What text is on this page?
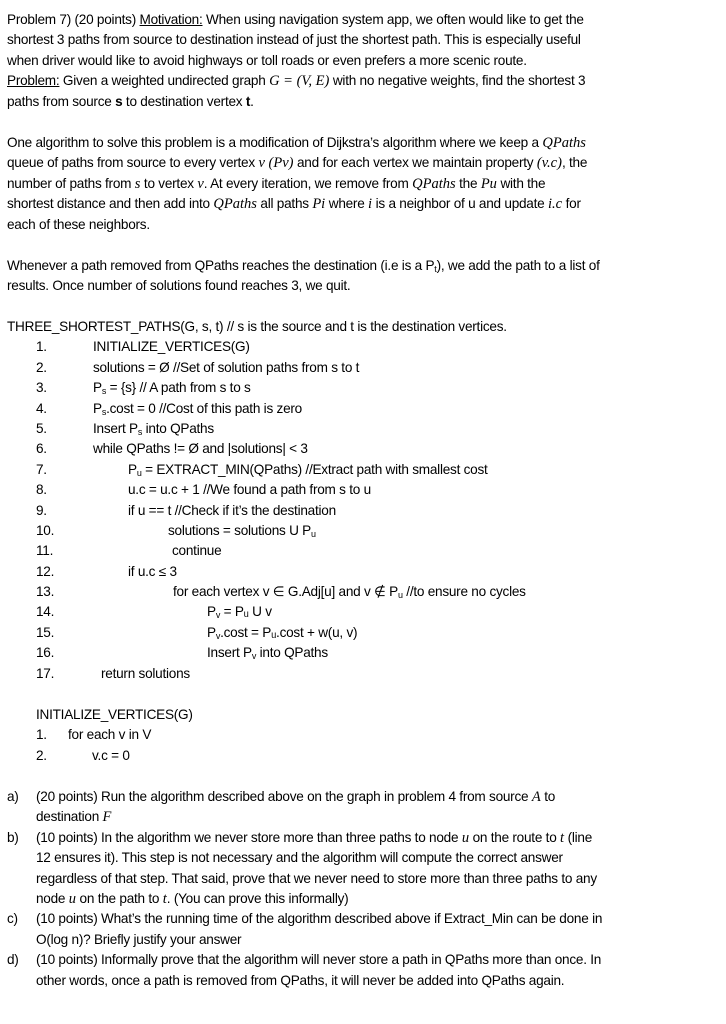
Problem 7) (20 points) Motivation: When using navigation system app, we often would like to get the
shortest 3 paths from source to destination instead of just the shortest path. This is especially useful
when driver would like to avoid highways or toll roads or even prefers a more scenic route.
Problem: Given a weighted undirected graph G = (V, E) with no negative weights, find the shortest 3
paths from source s to destination vertex t.
One algorithm to solve this problem is a modification of Dijkstra’s algorithm where we keep a QPaths
queue of paths from source to every vertex v (Pv) and for each vertex we maintain property (v.c), the
number of paths from s to vertex v. At every iteration, we remove from QPaths the Pu with the
shortest distance and then add into QPaths all paths Pi where i is a neighbor of u and update i.c for
each of these neighbors.
Whenever a path removed from QPaths reaches the destination (i.e is a $P_t$), we add the path to a list of
results. Once number of solutions found reaches 3, we quit.
THREE_SHORTEST_PATHS(G, s, t) // s is the source and t is the destination vertices.
1.	INITIALIZE_VERTICES(G)
2.	solutions = Ø //Set of solution paths from s to t
3.	$P_s = \{s\} // A$ path from s to s
4.	$P_s.\cos t = 0$ //Cost of this path is zero
5.	Insert $P_s$ into QPaths
6.	while QPaths != Ø and |solutions| < 3
7.	$P_u$ = EXTRACT_MIN(QPaths) //Extract path with smallest cost
8.	u.c = u.c + 1 //We found a path from s to u
9.	if u == t //Check if it’s the destination
10.	solutions = solutions U $P_u$
11.	continue
12.	if u.c ≤ 3
13.	for each vertex v ∈ G.Adj[u] and v ∉ $P_u$ //to ensure no cycles
14.	$P_v$ = Pᵤ U v
15.	$P_v.\cos t$ = Pᵤ.cost + w(u, v)
16.	Insert $P_v$ into QPaths
17.	return solutions
INITIALIZE_VERTICES(G)
1. for each v in V
2.	v.c = 0
a) (20 points) Run the algorithm described above on the graph in problem 4 from source A to
destination F
b) (10 points) In the algorithm we never store more than three paths to node u on the route to t (line
12 ensures it). This step is not necessary and the algorithm will compute the correct answer
regardless of that step. That said, prove that we never need to store more than three paths to any
node u on the path to t. (You can prove this informally)
c) (10 points) What’s the running time of the algorithm described above if Extract_Min can be done in
O(log n)? Briefly justify your answer
d) (10 points) Informally prove that the algorithm will never store a path in QPaths more than once. In
other words, once a path is removed from QPaths, it will never be added into QPaths again.
